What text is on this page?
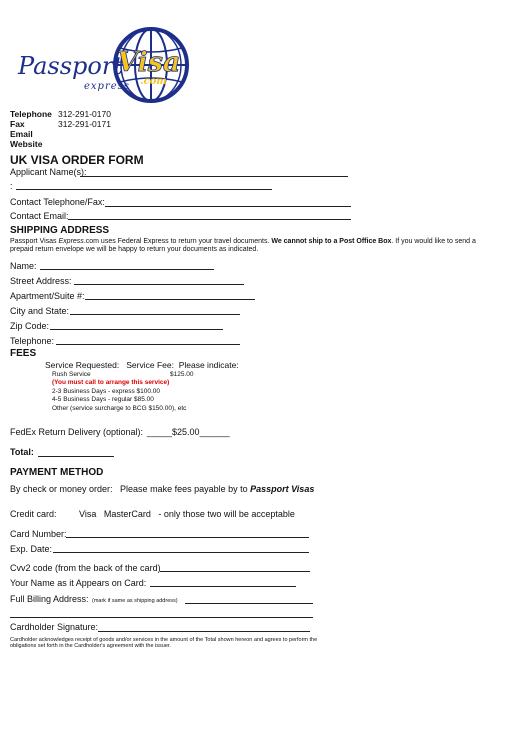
Passport
Visa
express .com
Telephone 312-291-0170
Fax	312-291-0171
Email
Website
UK VISA ORDER FORM
Applicant Name(s):
:
Contact Telephone/Fax:
Contact Email:
SHIPPING ADDRESS
Passport Visas Express.com uses Federal Express to return your travel documents. We cannot ship to a Post Office Box. If you would like to send a
prepaid return envelope we will be happy to return your documents as indicated.
Name:
Street Address:
Apartment/Suite #:
City and State:
Zip Code:
Telephone:
FEES
Service Requested:   Service Fee:  Please indicate:
Rush Service	$125.00
(You must call to arrange this service)
2-3 Business Days - express $100.00
4-5 Business Days - regular $85.00
Other (service surcharge to BCG $150.00), etc
FedEx Return Delivery (optional): _____$25.00______
Total:
PAYMENT METHOD
By check or money order:   Please make fees payable by to Passport Visas
Credit card: Visa   MasterCard   - only those two will be acceptable
Card Number:
Exp. Date:
Cvv2 code (from the back of the card)
Your Name as it Appears on Card:
Full Billing Address: (mark if same as shipping address)
Cardholder Signature:
Cardholder acknowledges receipt of goods and/or services in the amount of the Total shown hereon and agrees to perform the
obligations set forth in the Cardholder's agreement with the issuer.
